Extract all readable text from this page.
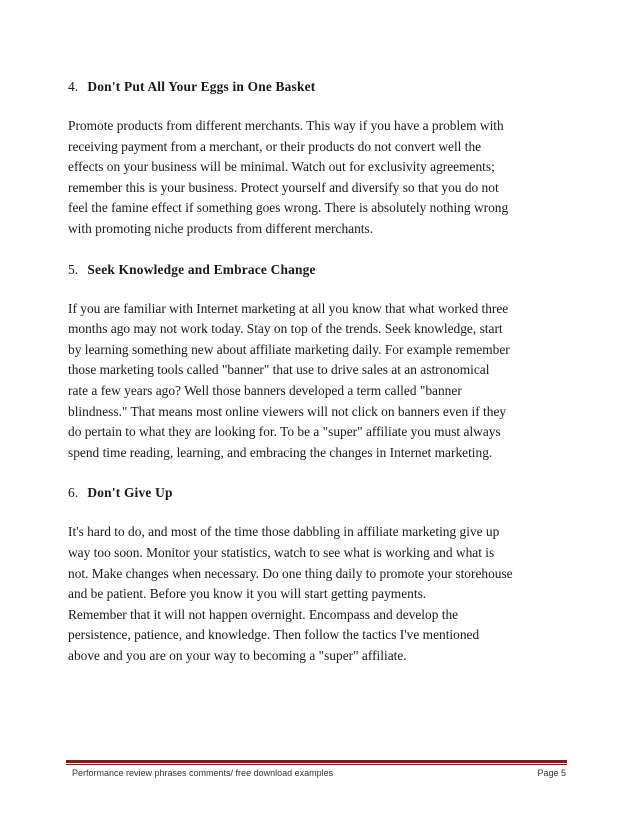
4. Don't Put All Your Eggs in One Basket
Promote products from different merchants. This way if you have a problem with
receiving payment from a merchant, or their products do not convert well the
effects on your business will be minimal. Watch out for exclusivity agreements;
remember this is your business. Protect yourself and diversify so that you do not
feel the famine effect if something goes wrong. There is absolutely nothing wrong
with promoting niche products from different merchants.
5. Seek Knowledge and Embrace Change
If you are familiar with Internet marketing at all you know that what worked three
months ago may not work today. Stay on top of the trends. Seek knowledge, start
by learning something new about affiliate marketing daily. For example remember
those marketing tools called "banner" that use to drive sales at an astronomical
rate a few years ago? Well those banners developed a term called "banner
blindness." That means most online viewers will not click on banners even if they
do pertain to what they are looking for. To be a "super" affiliate you must always
spend time reading, learning, and embracing the changes in Internet marketing.
6. Don't Give Up
It's hard to do, and most of the time those dabbling in affiliate marketing give up
way too soon. Monitor your statistics, watch to see what is working and what is
not. Make changes when necessary. Do one thing daily to promote your storehouse
and be patient. Before you know it you will start getting payments.
Remember that it will not happen overnight. Encompass and develop the
persistence, patience, and knowledge. Then follow the tactics I've mentioned
above and you are on your way to becoming a "super" affiliate.
Performance review phrases comments/ free download examples	Page 5
